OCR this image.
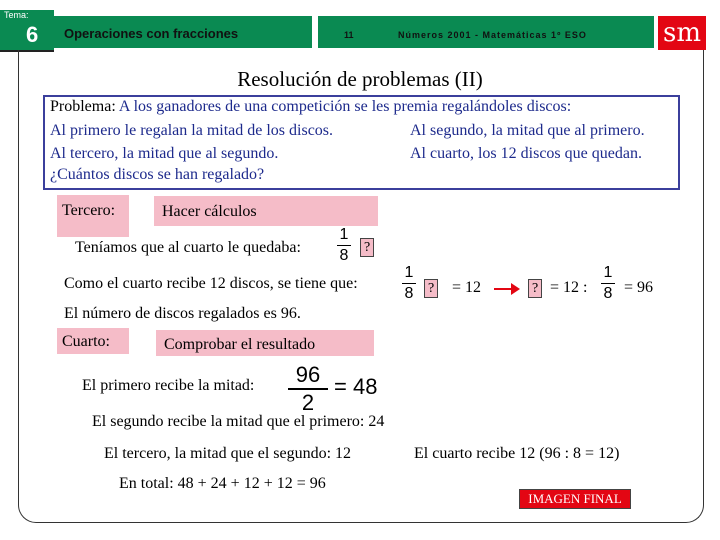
Tema:
6 Operaciones con fracciones	11	Números 2001 - Matemáticas 1º ESO	sm
Resolución de problemas (II)
Problema: A los ganadores de una competición se les premia regalándoles discos:
Al primero le regalan la mitad de los discos.	Al segundo, la mitad que al primero.
Al tercero, la mitad que al segundo.	Al cuarto, los 12 discos que quedan.
¿Cuántos discos se han regalado?
Tercero:	Hacer cálculos
Teníamos que al cuarto le quedaba:
1
8 ?
Como el cuarto recibe 12 discos, se tiene que:
1
8 ? = 12	? = 12 :
1
8 = 96
El número de discos regalados es 96.
Cuarto:	Comprobar el resultado
El primero recibe la mitad:	96
2
= 48
El segundo recibe la mitad que el primero: 24
El tercero, la mitad que el segundo: 12	El cuarto recibe 12 (96 : 8 = 12)
En total: 48 + 24 + 12 + 12 = 96
IMAGEN FINAL
